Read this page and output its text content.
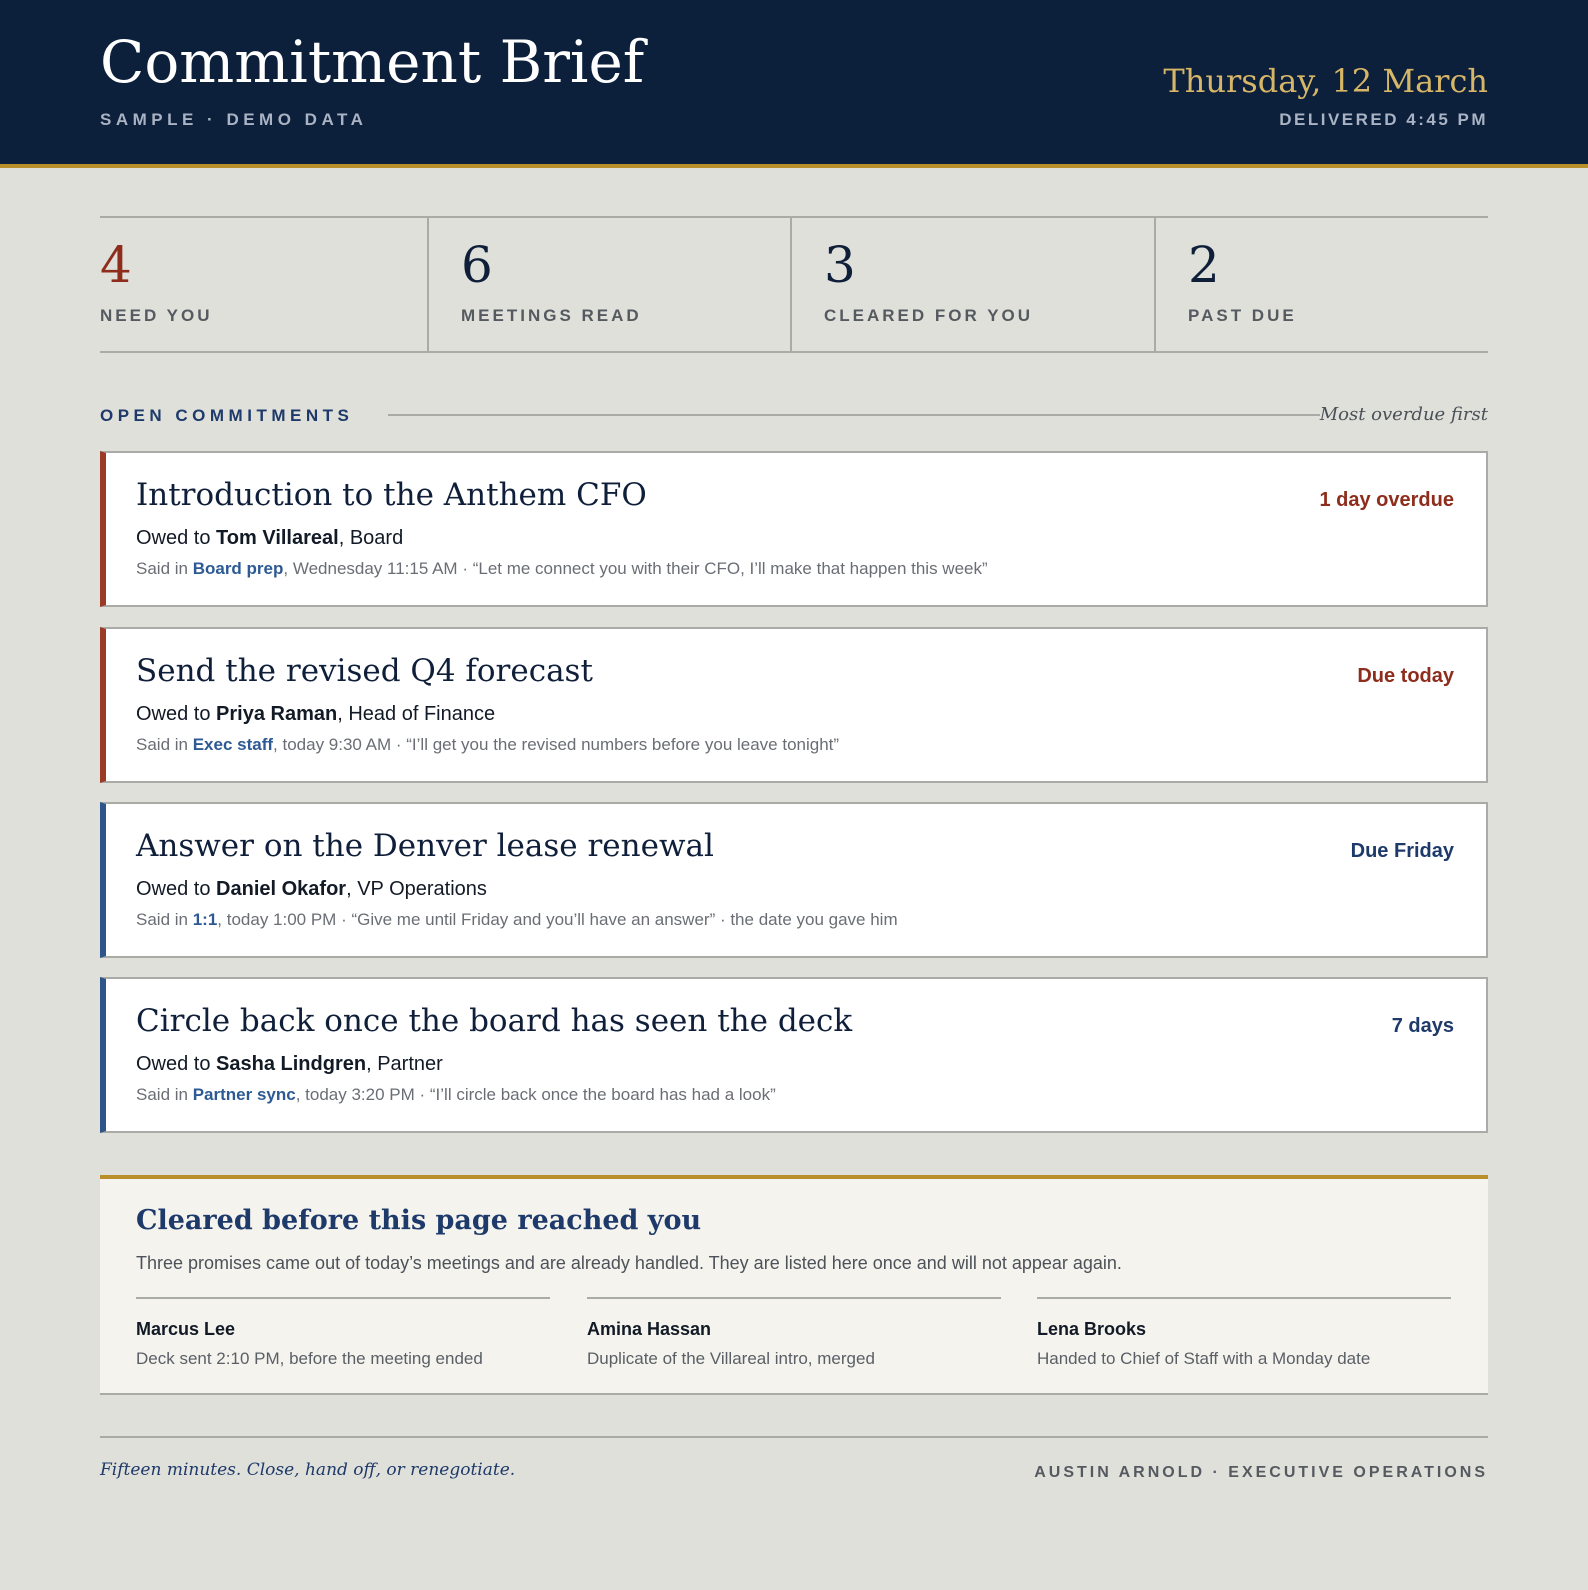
Commitment Brief
SAMPLE · DEMO DATA
Thursday, 12 March
DELIVERED 4:45 PM
4
NEED YOU
6
MEETINGS READ
3
CLEARED FOR YOU
2
PAST DUE
OPEN COMMITMENTS	Most overdue first
Introduction to the Anthem CFO	1 day overdue
Owed to Tom Villareal, Board
Said in Board prep, Wednesday 11:15 AM · “Let me connect you with their CFO, I’ll make that happen this week”
Send the revised Q4 forecast	Due today
Owed to Priya Raman, Head of Finance
Said in Exec staff, today 9:30 AM · “I’ll get you the revised numbers before you leave tonight”
Answer on the Denver lease renewal	Due Friday
Owed to Daniel Okafor, VP Operations
Said in 1:1, today 1:00 PM · “Give me until Friday and you’ll have an answer” · the date you gave him
Circle back once the board has seen the deck	7 days
Owed to Sasha Lindgren, Partner
Said in Partner sync, today 3:20 PM · “I’ll circle back once the board has had a look”
Cleared before this page reached you
Three promises came out of today’s meetings and are already handled. They are listed here once and will not appear again.
Marcus Lee
Deck sent 2:10 PM, before the meeting ended
Amina Hassan
Duplicate of the Villareal intro, merged
Lena Brooks
Handed to Chief of Staff with a Monday date
Fifteen minutes. Close, hand off, or renegotiate.	AUSTIN ARNOLD · EXECUTIVE OPERATIONS
